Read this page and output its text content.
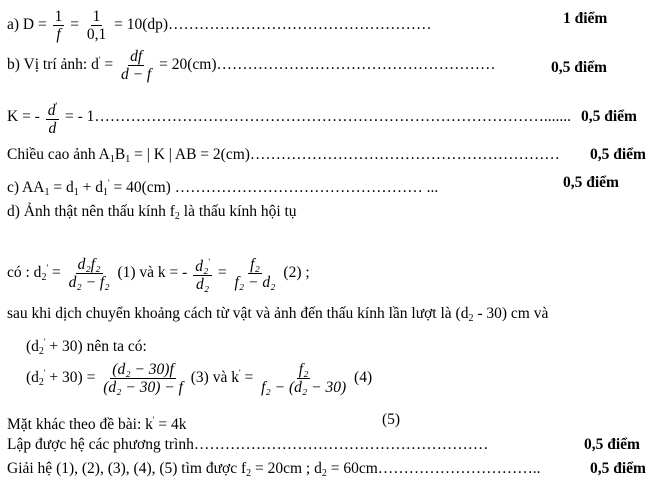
a) $D = \frac{1}{f} = \frac{1}{0,1}$ = 10(dp)……………………………………………	1 điểm
b) Vị trí ảnh: $d' = \frac{df}{d - f}$ = 20(cm)………………………………………………	0,5 điểm
K = - $\frac{d'}{d}$ = - 1……………………………………………………………………………....... 0,5 điểm
Chiều cao ảnh $A_1B_1$ = | K | AB = 2(cm)…………………………………………………… 0,5 điểm
c) $AA_1 = d_1 + d_1' = 40(cm)$ ………………………………………… ...	0,5 điểm
d) Ảnh thật nên thấu kính $f_2$ là thấu kính hội tụ
có : $d_2' = \frac{\text{d₂f₂}}{\text{d₂ − f₂}} (1)$ và k = - $\frac{d_2'}{\text{d₂}} = \frac{\text{f₂}}{\text{f₂ − d₂}} (2)$ ;
sau khi dịch chuyển khoảng cách từ vật và ảnh đến thấu kính lần lượt là $(d_2 - 30)$ cm và
$(d_2' + 30)$ nên ta có:
$(d_2' + 30) = \frac{\text{(d₂ − 30)f}}{\text{(d₂ − 30) − f}} (3)$ và $k' = \frac{\text{f₂}}{\text{f₂ − (d₂ − 30)}} (4)$
Mặt khác theo đề bài: k' = 4k	(5)
Lập được hệ các phương trình…………………………………………………	0,5 điểm
Giải hệ (1), (2), (3), (4), (5) tìm được $f_2 = 20cm$ ; $d_2$ = 60cm…………………………..	0,5 điểm
